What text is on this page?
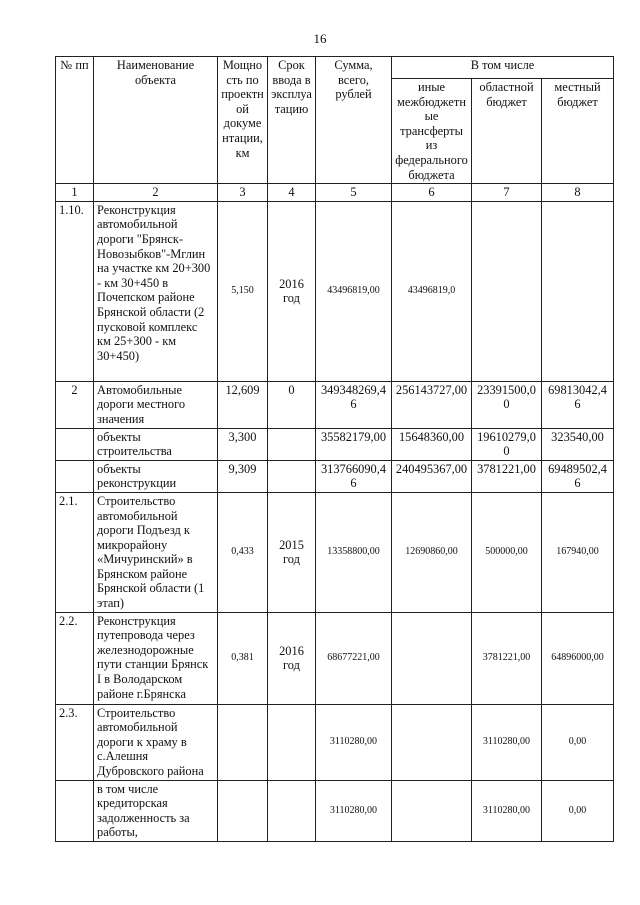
16
№ пп	Наименование объекта	Мощность по проектной документации, км	Срок ввода в эксплуатацию	Сумма, всего, рублей	В том числе		
					иные межбюджетные трансферты из федерального бюджета	областной бюджет	местный бюджет
1	2	3	4	5	6	7	8
1.10.	Реконструкция автомобильной дороги "Брянск-Новозыбков"-Мглин на участке км 20+300 - км 30+450 в Почепском районе Брянской области (2 пусковой комплекс км 25+300 - км 30+450)	5,150	2016 год	43496819,00	43496819,0		
2	Автомобильные дороги местного значения	12,609	0	349348269,46	256143727,00	23391500,00	69813042,46
	объекты строительства	3,300		35582179,00	15648360,00	19610279,00	323540,00
	объекты реконструкции	9,309		313766090,46	240495367,00	3781221,00	69489502,46
2.1.	Строительство автомобильной дороги Подъезд к микрорайону «Мичуринский» в Брянском районе Брянской области (1 этап)	0,433	2015 год	13358800,00	12690860,00	500000,00	167940,00
2.2.	Реконструкция путепровода через железнодорожные пути станции Брянск I в Володарском районе г.Брянска	0,381	2016 год	68677221,00		3781221,00	64896000,00
2.3.	Строительство автомобильной дороги к храму в с.Алешня Дубровского района			3110280,00		3110280,00	0,00
	в том числе кредиторская задолженность за работы,			3110280,00		3110280,00	0,00
